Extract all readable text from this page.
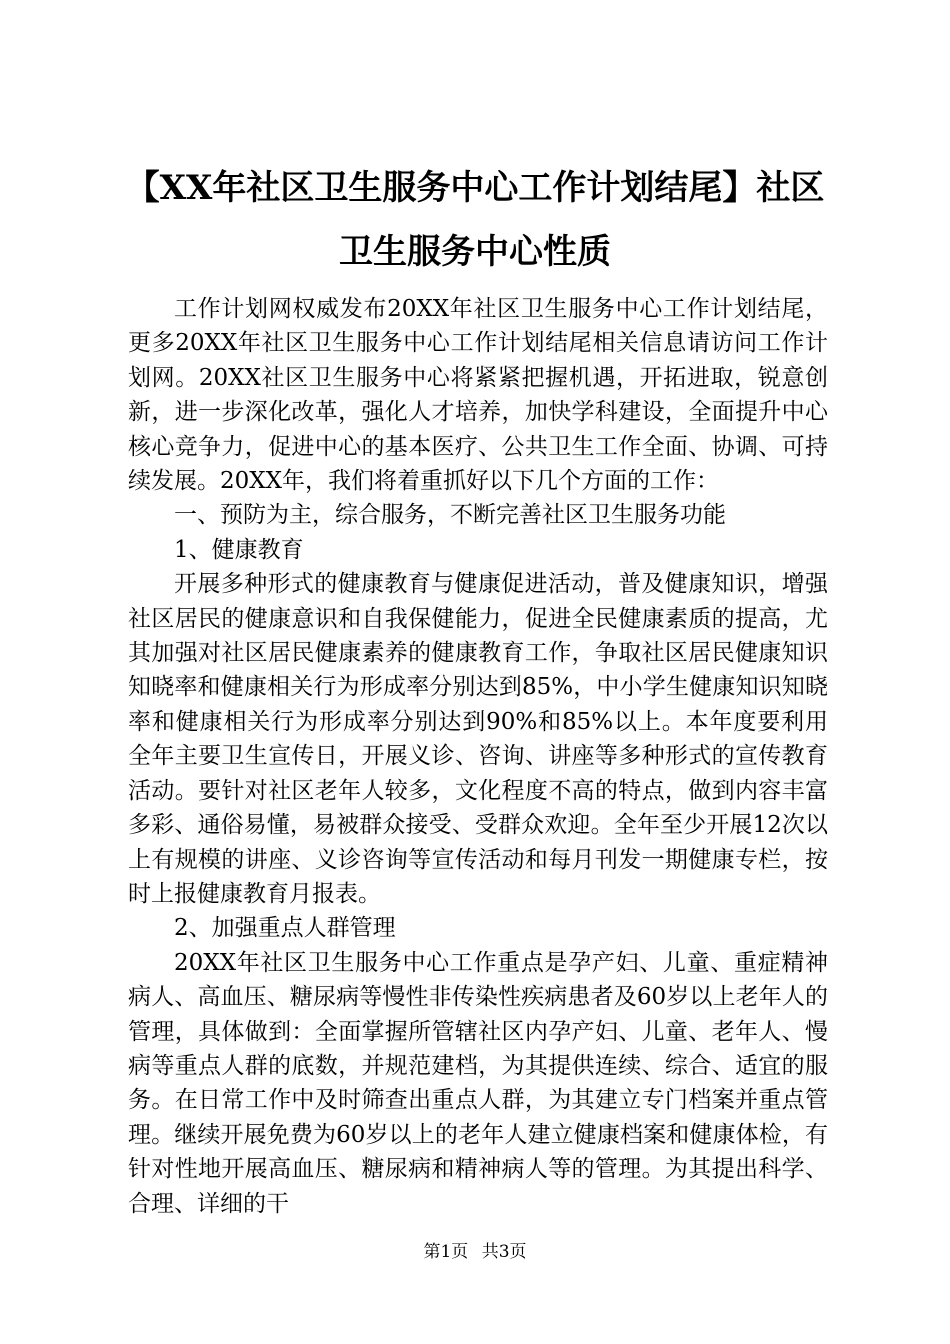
【XX年社区卫生服务中心工作计划结尾】社区卫生服务中心性质

工作计划网权威发布20XX年社区卫生服务中心工作计划结尾，更多20XX年社区卫生服务中心工作计划结尾相关信息请访问工作计划网。20XX社区卫生服务中心将紧紧把握机遇，开拓进取，锐意创新，进一步深化改革，强化人才培养，加快学科建设，全面提升中心核心竞争力，促进中心的基本医疗、公共卫生工作全面、协调、可持续发展。20XX年，我们将着重抓好以下几个方面的工作：

一、预防为主，综合服务，不断完善社区卫生服务功能

1、健康教育

开展多种形式的健康教育与健康促进活动，普及健康知识，增强社区居民的健康意识和自我保健能力，促进全民健康素质的提高，尤其加强对社区居民健康素养的健康教育工作，争取社区居民健康知识知晓率和健康相关行为形成率分别达到85%，中小学生健康知识知晓率和健康相关行为形成率分别达到90%和85%以上。本年度要利用全年主要卫生宣传日，开展义诊、咨询、讲座等多种形式的宣传教育活动。要针对社区老年人较多，文化程度不高的特点，做到内容丰富多彩、通俗易懂，易被群众接受、受群众欢迎。全年至少开展12次以上有规模的讲座、义诊咨询等宣传活动和每月刊发一期健康专栏，按时上报健康教育月报表。

2、加强重点人群管理

20XX年社区卫生服务中心工作重点是孕产妇、儿童、重症精神病人、高血压、糖尿病等慢性非传染性疾病患者及60岁以上老年人的管理，具体做到：全面掌握所管辖社区内孕产妇、儿童、老年人、慢病等重点人群的底数，并规范建档，为其提供连续、综合、适宜的服务。在日常工作中及时筛查出重点人群，为其建立专门档案并重点管理。继续开展免费为60岁以上的老年人建立健康档案和健康体检，有针对性地开展高血压、糖尿病和精神病人等的管理。为其提出科学、合理、详细的干

第1页 共3页
